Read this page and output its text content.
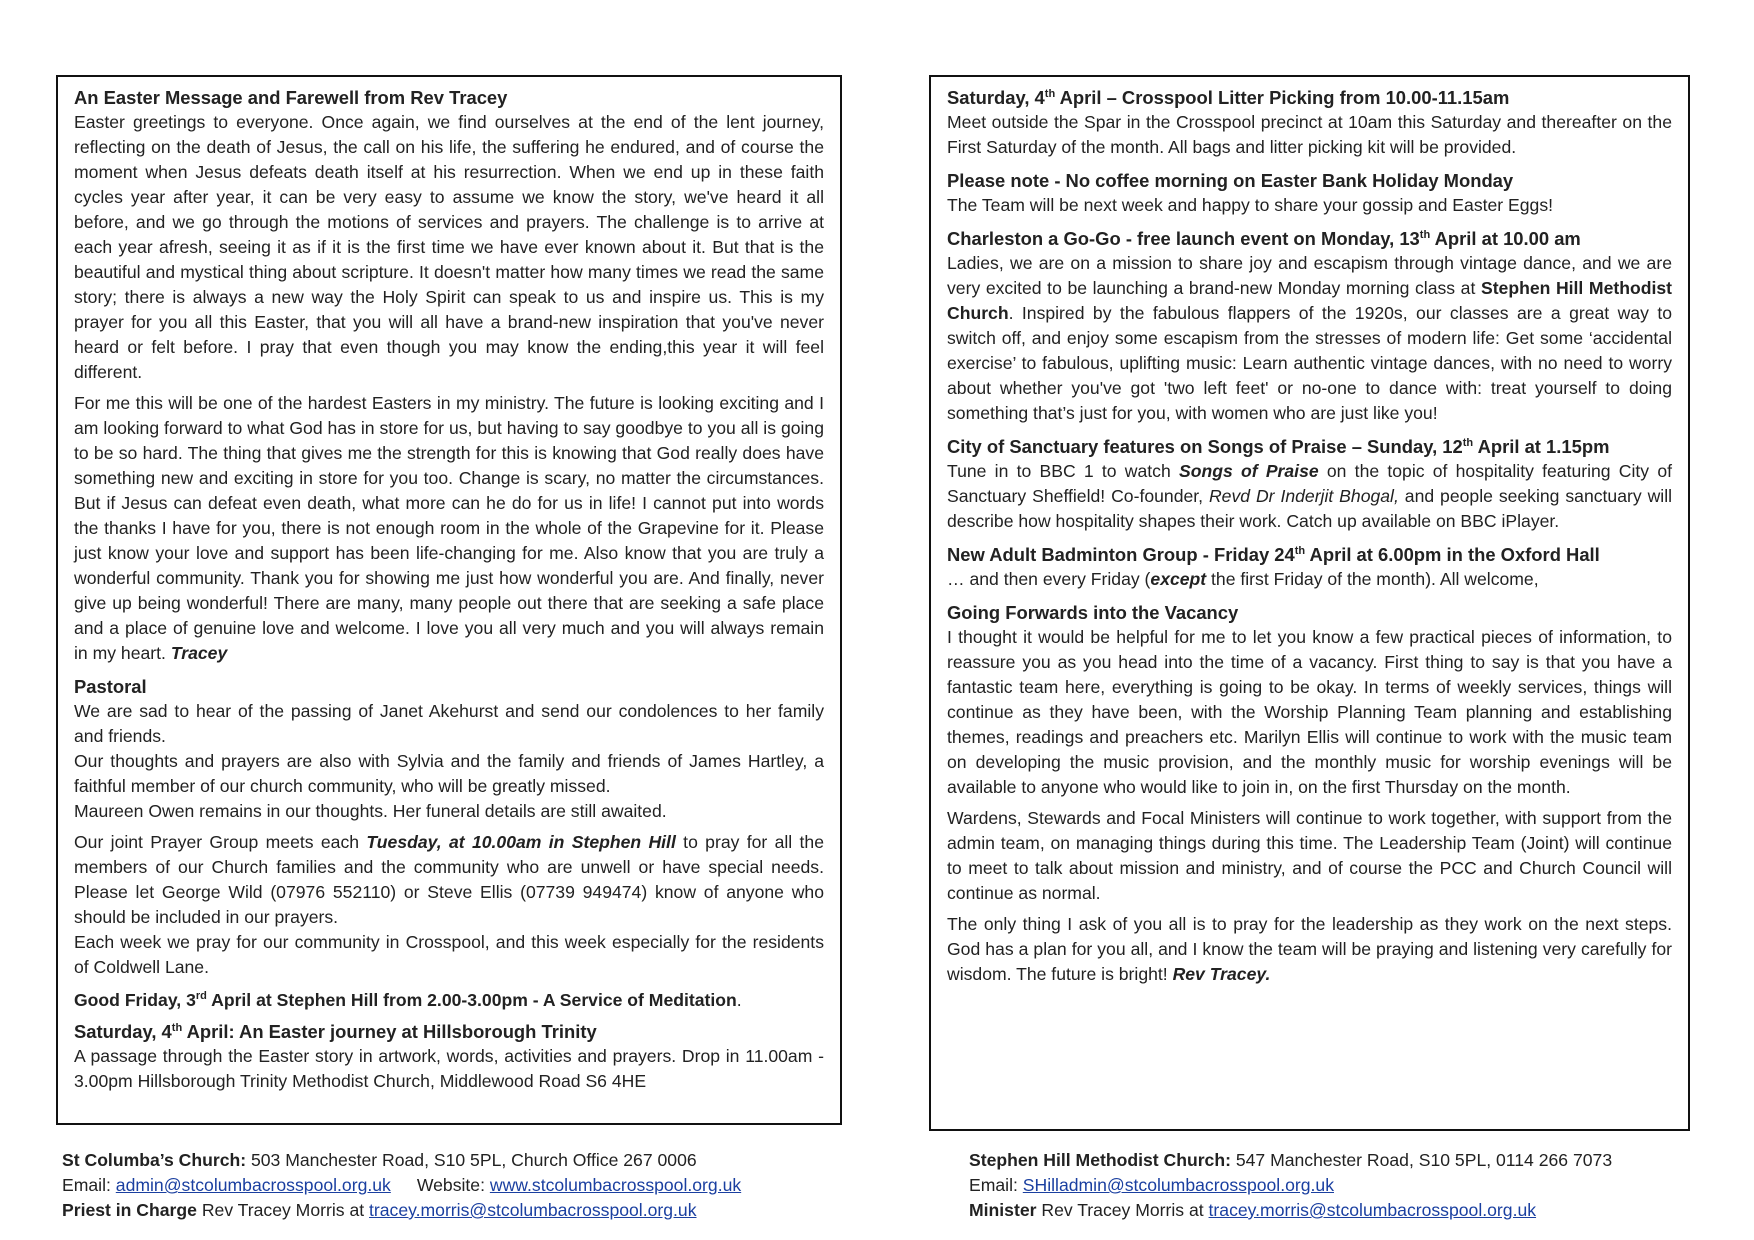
An Easter Message and Farewell from Rev Tracey

Easter greetings to everyone. Once again, we find ourselves at the end of the lent journey, reflecting on the death of Jesus, the call on his life, the suffering he endured, and of course the moment when Jesus defeats death itself at his resurrection. When we end up in these faith cycles year after year, it can be very easy to assume we know the story, we've heard it all before, and we go through the motions of services and prayers. The challenge is to arrive at each year afresh, seeing it as if it is the first time we have ever known about it. But that is the beautiful and mystical thing about scripture. It doesn't matter how many times we read the same story; there is always a new way the Holy Spirit can speak to us and inspire us. This is my prayer for you all this Easter, that you will all have a brand-new inspiration that you've never heard or felt before. I pray that even though you may know the ending,this year it will feel different.

For me this will be one of the hardest Easters in my ministry. The future is looking exciting and I am looking forward to what God has in store for us, but having to say goodbye to you all is going to be so hard. The thing that gives me the strength for this is knowing that God really does have something new and exciting in store for you too. Change is scary, no matter the circumstances. But if Jesus can defeat even death, what more can he do for us in life! I cannot put into words the thanks I have for you, there is not enough room in the whole of the Grapevine for it. Please just know your love and support has been life-changing for me. Also know that you are truly a wonderful community. Thank you for showing me just how wonderful you are. And finally, never give up being wonderful! There are many, many people out there that are seeking a safe place and a place of genuine love and welcome. I love you all very much and you will always remain in my heart. Tracey

Pastoral
We are sad to hear of the passing of Janet Akehurst and send our condolences to her family and friends.
Our thoughts and prayers are also with Sylvia and the family and friends of James Hartley, a faithful member of our church community, who will be greatly missed.

Maureen Owen remains in our thoughts. Her funeral details are still awaited.

Our joint Prayer Group meets each Tuesday, at 10.00am in Stephen Hill to pray for all the members of our Church families and the community who are unwell or have special needs. Please let George Wild (07976 552110) or Steve Ellis (07739 949474) know of anyone who should be included in our prayers.

Each week we pray for our community in Crosspool, and this week especially for the residents of Coldwell Lane.

Good Friday, 3rd April at Stephen Hill from 2.00-3.00pm - A Service of Meditation.

Saturday, 4th April: An Easter journey at Hillsborough Trinity

A passage through the Easter story in artwork, words, activities and prayers. Drop in 11.00am - 3.00pm Hillsborough Trinity Methodist Church, Middlewood Road S6 4HE

Saturday, 4th April – Crosspool Litter Picking from 10.00-11.15am

Meet outside the Spar in the Crosspool precinct at 10am this Saturday and thereafter on the First Saturday of the month. All bags and litter picking kit will be provided.

Please note - No coffee morning on Easter Bank Holiday Monday

The Team will be next week and happy to share your gossip and Easter Eggs!

Charleston a Go-Go - free launch event on Monday, 13th April at 10.00 am

Ladies, we are on a mission to share joy and escapism through vintage dance, and we are very excited to be launching a brand-new Monday morning class at Stephen Hill Methodist Church. Inspired by the fabulous flappers of the 1920s, our classes are a great way to switch off, and enjoy some escapism from the stresses of modern life: Get some ‘accidental exercise’ to fabulous, uplifting music: Learn authentic vintage dances, with no need to worry about whether you've got 'two left feet' or no-one to dance with: treat yourself to doing something that’s just for you, with women who are just like you!

City of Sanctuary features on Songs of Praise – Sunday, 12th April at 1.15pm

Tune in to BBC 1 to watch Songs of Praise on the topic of hospitality featuring City of Sanctuary Sheffield! Co-founder, Revd Dr Inderjit Bhogal, and people seeking sanctuary will describe how hospitality shapes their work. Catch up available on BBC iPlayer.

New Adult Badminton Group - Friday 24th April at 6.00pm in the Oxford Hall

… and then every Friday (except the first Friday of the month). All welcome,

Going Forwards into the Vacancy

I thought it would be helpful for me to let you know a few practical pieces of information, to reassure you as you head into the time of a vacancy. First thing to say is that you have a fantastic team here, everything is going to be okay. In terms of weekly services, things will continue as they have been, with the Worship Planning Team planning and establishing themes, readings and preachers etc. Marilyn Ellis will continue to work with the music team on developing the music provision, and the monthly music for worship evenings will be available to anyone who would like to join in, on the first Thursday on the month.

Wardens, Stewards and Focal Ministers will continue to work together, with support from the admin team, on managing things during this time. The Leadership Team (Joint) will continue to meet to talk about mission and ministry, and of course the PCC and Church Council will continue as normal.

The only thing I ask of you all is to pray for the leadership as they work on the next steps. God has a plan for you all, and I know the team will be praying and listening very carefully for wisdom. The future is bright! Rev Tracey.

St Columba’s Church: 503 Manchester Road, S10 5PL, Church Office 267 0006
Email: admin@stcolumbacrosspool.org.uk Website: www.stcolumbacrosspool.org.uk
Priest in Charge Rev Tracey Morris at tracey.morris@stcolumbacrosspool.org.uk
Stephen Hill Methodist Church: 547 Manchester Road, S10 5PL, 0114 266 7073
Email: SHilladmin@stcolumbacrosspool.org.uk
Minister Rev Tracey Morris at tracey.morris@stcolumbacrosspool.org.uk
